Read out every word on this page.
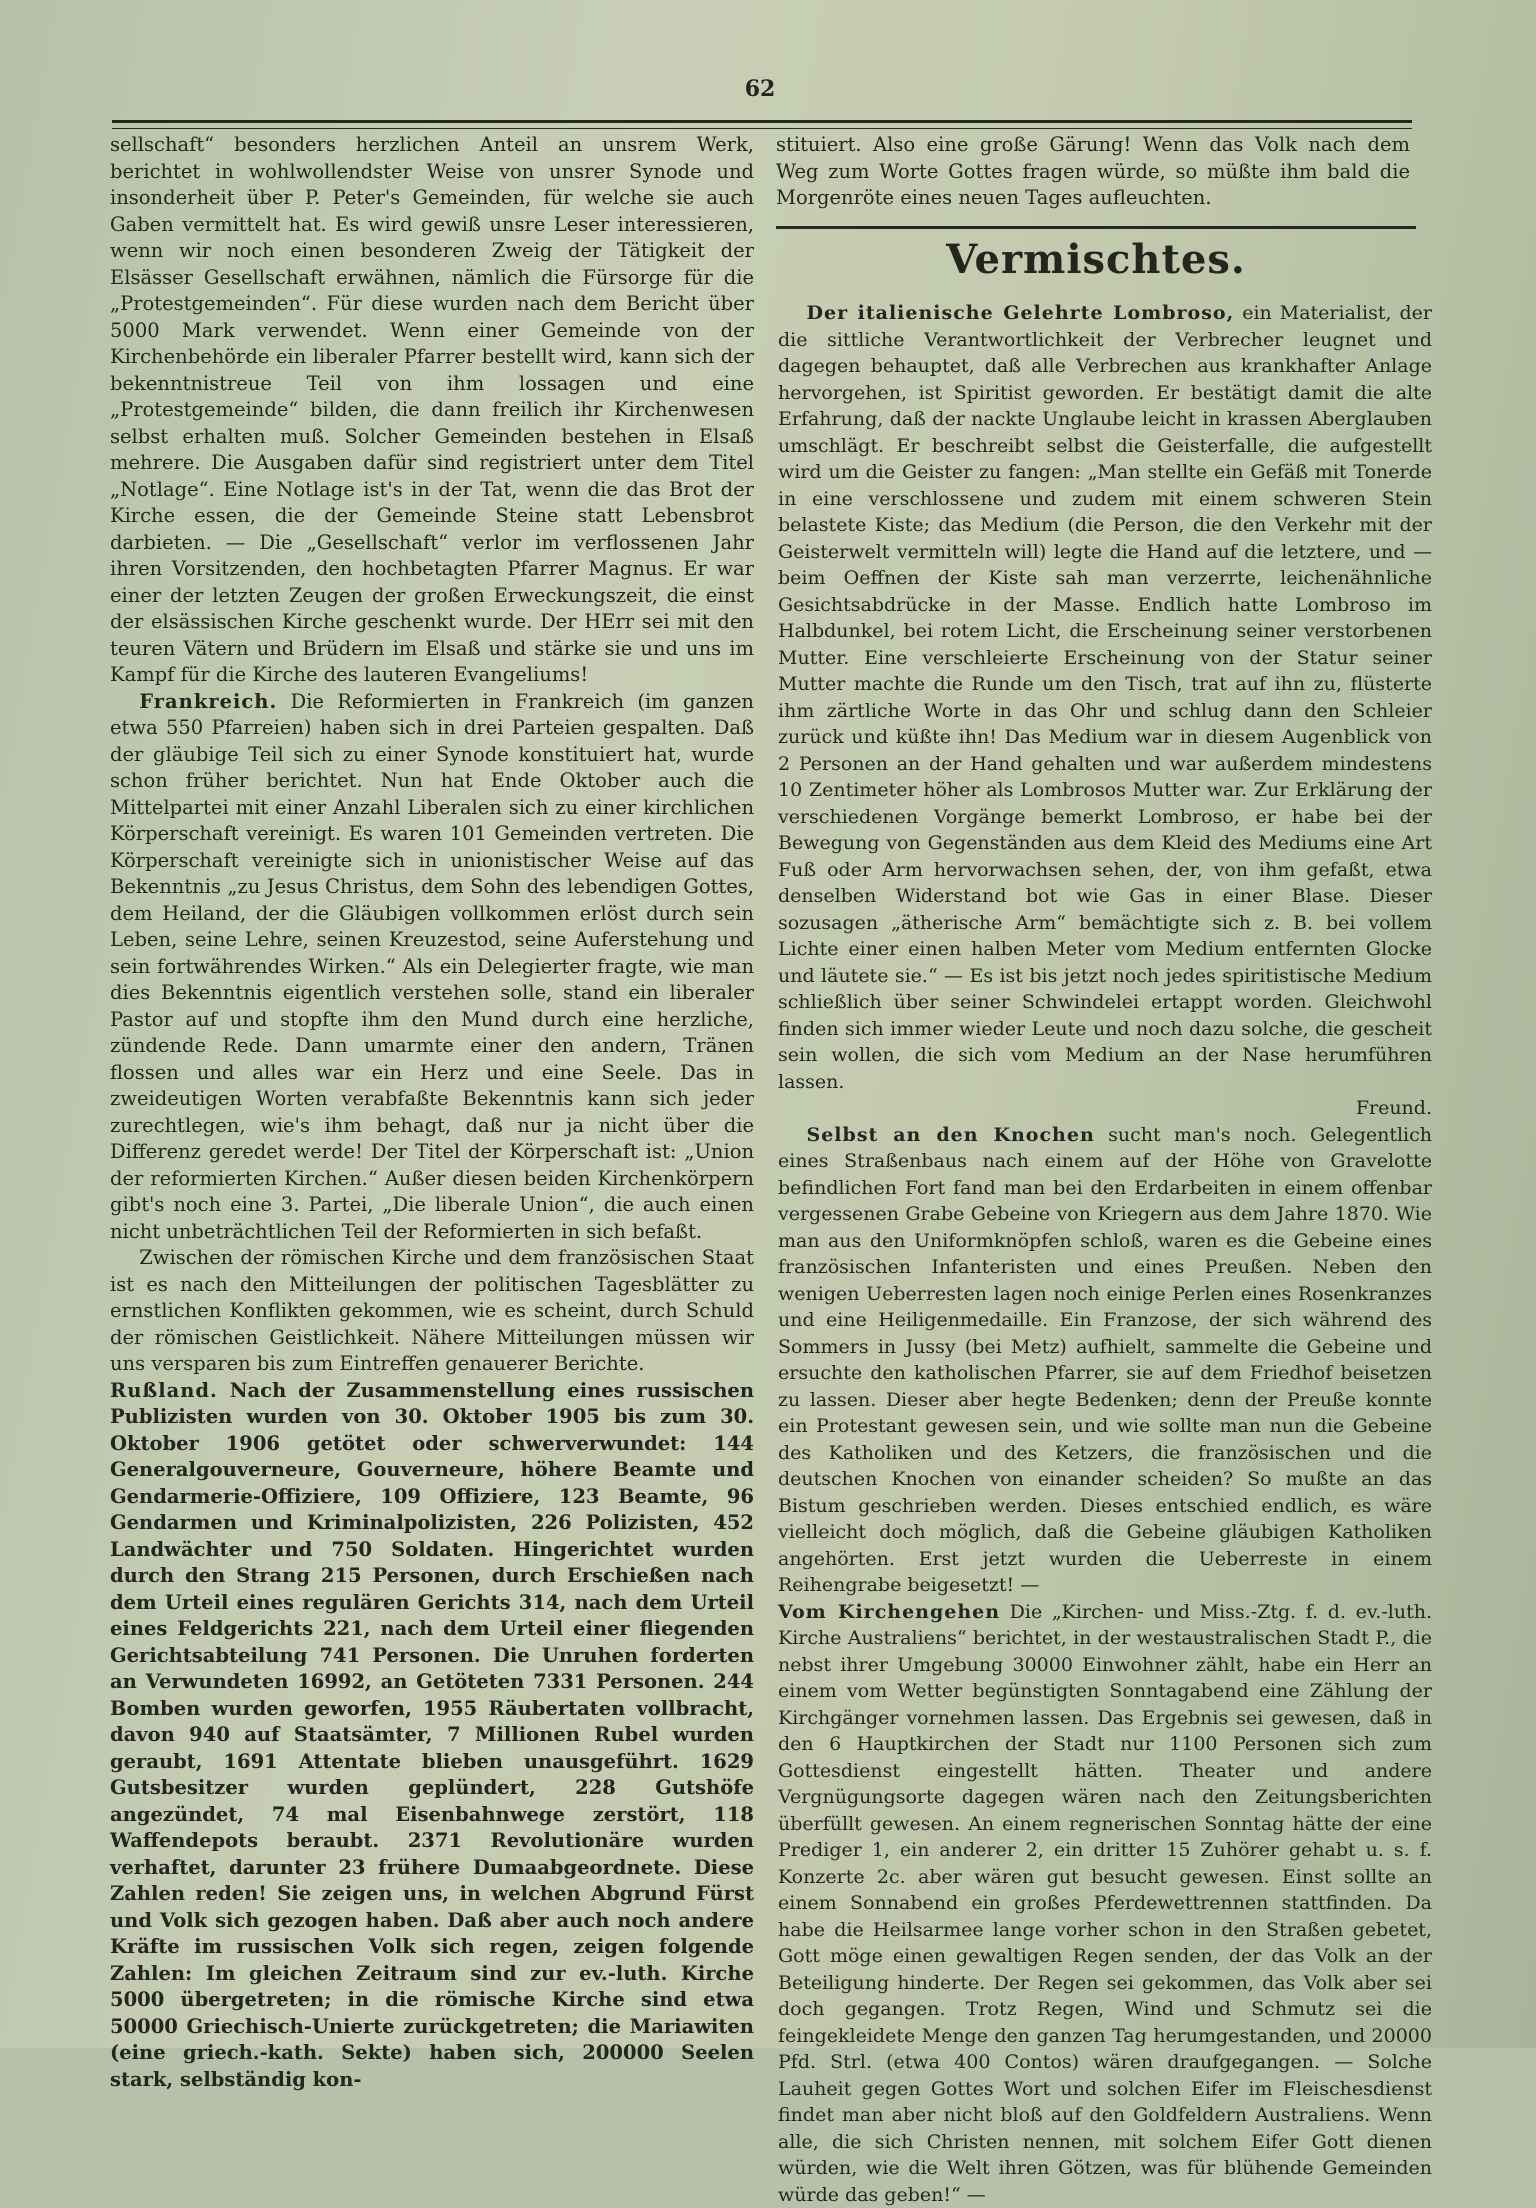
62

sellschaft“ besonders herzlichen Anteil an unsrem Werk, berichtet in wohlwollendster Weise von unsrer Synode und insonderheit über P. Peter's Gemeinden, für welche sie auch Gaben vermittelt hat. Es wird gewiß unsre Leser interessieren, wenn wir noch einen besonderen Zweig der Tätigkeit der Elsässer Gesellschaft erwähnen, nämlich die Fürsorge für die „Protestgemeinden“. Für diese wurden nach dem Bericht über 5000 Mark verwendet. Wenn einer Gemeinde von der Kirchenbehörde ein liberaler Pfarrer bestellt wird, kann sich der bekenntnistreue Teil von ihm lossagen und eine „Protestgemeinde“ bilden, die dann freilich ihr Kirchenwesen selbst erhalten muß. Solcher Gemeinden bestehen in Elsaß mehrere. Die Ausgaben dafür sind registriert unter dem Titel „Notlage“. Eine Notlage ist's in der Tat, wenn die das Brot der Kirche essen, die der Gemeinde Steine statt Lebensbrot darbieten. — Die „Gesellschaft“ verlor im verflossenen Jahr ihren Vorsitzenden, den hochbetagten Pfarrer Magnus. Er war einer der letzten Zeugen der großen Erweckungszeit, die einst der elsässischen Kirche geschenkt wurde. Der HErr sei mit den teuren Vätern und Brüdern im Elsaß und stärke sie und uns im Kampf für die Kirche des lauteren Evangeliums!

Frankreich. Die Reformierten in Frankreich (im ganzen etwa 550 Pfarreien) haben sich in drei Parteien gespalten. Daß der gläubige Teil sich zu einer Synode konstituiert hat, wurde schon früher berichtet. Nun hat Ende Oktober auch die Mittelpartei mit einer Anzahl Liberalen sich zu einer kirchlichen Körperschaft vereinigt. Es waren 101 Gemeinden vertreten. Die Körperschaft vereinigte sich in unionistischer Weise auf das Bekenntnis „zu Jesus Christus, dem Sohn des lebendigen Gottes, dem Heiland, der die Gläubigen vollkommen erlöst durch sein Leben, seine Lehre, seinen Kreuzestod, seine Auferstehung und sein fortwährendes Wirken.“ Als ein Delegierter fragte, wie man dies Bekenntnis eigentlich verstehen solle, stand ein liberaler Pastor auf und stopfte ihm den Mund durch eine herzliche, zündende Rede. Dann umarmte einer den andern, Tränen flossen und alles war ein Herz und eine Seele. Das in zweideutigen Worten verabfaßte Bekenntnis kann sich jeder zurechtlegen, wie's ihm behagt, daß nur ja nicht über die Differenz geredet werde! Der Titel der Körperschaft ist: „Union der reformierten Kirchen.“ Außer diesen beiden Kirchenkörpern gibt's noch eine 3. Partei, „Die liberale Union“, die auch einen nicht unbeträchtlichen Teil der Reformierten in sich befaßt.

Zwischen der römischen Kirche und dem französischen Staat ist es nach den Mitteilungen der politischen Tagesblätter zu ernstlichen Konflikten gekommen, wie es scheint, durch Schuld der römischen Geistlichkeit. Nähere Mitteilungen müssen wir uns versparen bis zum Eintreffen genauerer Berichte.

Rußland. Nach der Zusammenstellung eines russischen Publizisten wurden von 30. Oktober 1905 bis zum 30. Oktober 1906 getötet oder schwerverwundet: 144 Generalgouverneure, Gouverneure, höhere Beamte und Gendarmerie-Offiziere, 109 Offiziere, 123 Beamte, 96 Gendarmen und Kriminalpolizisten, 226 Polizisten, 452 Landwächter und 750 Soldaten. Hingerichtet wurden durch den Strang 215 Personen, durch Erschießen nach dem Urteil eines regulären Gerichts 314, nach dem Urteil eines Feldgerichts 221, nach dem Urteil einer fliegenden Gerichtsabteilung 741 Personen. Die Unruhen forderten an Verwundeten 16992, an Getöteten 7331 Personen. 244 Bomben wurden geworfen, 1955 Räubertaten vollbracht, davon 940 auf Staatsämter, 7 Millionen Rubel wurden geraubt, 1691 Attentate blieben unausgeführt. 1629 Gutsbesitzer wurden geplündert, 228 Gutshöfe angezündet, 74 mal Eisenbahnwege zerstört, 118 Waffendepots beraubt. 2371 Revolutionäre wurden verhaftet, darunter 23 frühere Dumaabgeordnete. Diese Zahlen reden! Sie zeigen uns, in welchen Abgrund Fürst und Volk sich gezogen haben. Daß aber auch noch andere Kräfte im russischen Volk sich regen, zeigen folgende Zahlen: Im gleichen Zeitraum sind zur ev.-luth. Kirche 5000 übergetreten; in die römische Kirche sind etwa 50000 Griechisch-Unierte zurückgetreten; die Mariawiten (eine griech.-kath. Sekte) haben sich, 200000 Seelen stark, selbständig kon-

stituiert. Also eine große Gärung! Wenn das Volk nach dem Weg zum Worte Gottes fragen würde, so müßte ihm bald die Morgenröte eines neuen Tages aufleuchten.

Vermischtes.

Der italienische Gelehrte Lombroso, ein Materialist, der die sittliche Verantwortlichkeit der Verbrecher leugnet und dagegen behauptet, daß alle Verbrechen aus krankhafter Anlage hervorgehen, ist Spiritist geworden. Er bestätigt damit die alte Erfahrung, daß der nackte Unglaube leicht in krassen Aberglauben umschlägt. Er beschreibt selbst die Geisterfalle, die aufgestellt wird um die Geister zu fangen: „Man stellte ein Gefäß mit Tonerde in eine verschlossene und zudem mit einem schweren Stein belastete Kiste; das Medium (die Person, die den Verkehr mit der Geisterwelt vermitteln will) legte die Hand auf die letztere, und — beim Oeffnen der Kiste sah man verzerrte, leichenähnliche Gesichtsabdrücke in der Masse. Endlich hatte Lombroso im Halbdunkel, bei rotem Licht, die Erscheinung seiner verstorbenen Mutter. Eine verschleierte Erscheinung von der Statur seiner Mutter machte die Runde um den Tisch, trat auf ihn zu, flüsterte ihm zärtliche Worte in das Ohr und schlug dann den Schleier zurück und küßte ihn! Das Medium war in diesem Augenblick von 2 Personen an der Hand gehalten und war außerdem mindestens 10 Zentimeter höher als Lombrosos Mutter war. Zur Erklärung der verschiedenen Vorgänge bemerkt Lombroso, er habe bei der Bewegung von Gegenständen aus dem Kleid des Mediums eine Art Fuß oder Arm hervorwachsen sehen, der, von ihm gefaßt, etwa denselben Widerstand bot wie Gas in einer Blase. Dieser sozusagen „ätherische Arm“ bemächtigte sich z. B. bei vollem Lichte einer einen halben Meter vom Medium entfernten Glocke und läutete sie.“ — Es ist bis jetzt noch jedes spiritistische Medium schließlich über seiner Schwindelei ertappt worden. Gleichwohl finden sich immer wieder Leute und noch dazu solche, die gescheit sein wollen, die sich vom Medium an der Nase herumführen lassen.

Freund.

Selbst an den Knochen sucht man's noch. Gelegentlich eines Straßenbaus nach einem auf der Höhe von Gravelotte befindlichen Fort fand man bei den Erdarbeiten in einem offenbar vergessenen Grabe Gebeine von Kriegern aus dem Jahre 1870. Wie man aus den Uniformknöpfen schloß, waren es die Gebeine eines französischen Infanteristen und eines Preußen. Neben den wenigen Ueberresten lagen noch einige Perlen eines Rosenkranzes und eine Heiligenmedaille. Ein Franzose, der sich während des Sommers in Jussy (bei Metz) aufhielt, sammelte die Gebeine und ersuchte den katholischen Pfarrer, sie auf dem Friedhof beisetzen zu lassen. Dieser aber hegte Bedenken; denn der Preuße konnte ein Protestant gewesen sein, und wie sollte man nun die Gebeine des Katholiken und des Ketzers, die französischen und die deutschen Knochen von einander scheiden? So mußte an das Bistum geschrieben werden. Dieses entschied endlich, es wäre vielleicht doch möglich, daß die Gebeine gläubigen Katholiken angehörten. Erst jetzt wurden die Ueberreste in einem Reihengrabe beigesetzt! —

Vom Kirchengehen Die „Kirchen- und Miss.-Ztg. f. d. ev.-luth. Kirche Australiens“ berichtet, in der westaustralischen Stadt P., die nebst ihrer Umgebung 30000 Einwohner zählt, habe ein Herr an einem vom Wetter begünstigten Sonntagabend eine Zählung der Kirchgänger vornehmen lassen. Das Ergebnis sei gewesen, daß in den 6 Hauptkirchen der Stadt nur 1100 Personen sich zum Gottesdienst eingestellt hätten. Theater und andere Vergnügungsorte dagegen wären nach den Zeitungsberichten überfüllt gewesen. An einem regnerischen Sonntag hätte der eine Prediger 1, ein anderer 2, ein dritter 15 Zuhörer gehabt u. s. f. Konzerte 2c. aber wären gut besucht gewesen. Einst sollte an einem Sonnabend ein großes Pferdewettrennen stattfinden. Da habe die Heilsarmee lange vorher schon in den Straßen gebetet, Gott möge einen gewaltigen Regen senden, der das Volk an der Beteiligung hinderte. Der Regen sei gekommen, das Volk aber sei doch gegangen. Trotz Regen, Wind und Schmutz sei die feingekleidete Menge den ganzen Tag herumgestanden, und 20000 Pfd. Strl. (etwa 400 Contos) wären draufgegangen. — Solche Lauheit gegen Gottes Wort und solchen Eifer im Fleischesdienst findet man aber nicht bloß auf den Goldfeldern Australiens. Wenn alle, die sich Christen nennen, mit solchem Eifer Gott dienen würden, wie die Welt ihren Götzen, was für blühende Gemeinden würde das geben!“ —
